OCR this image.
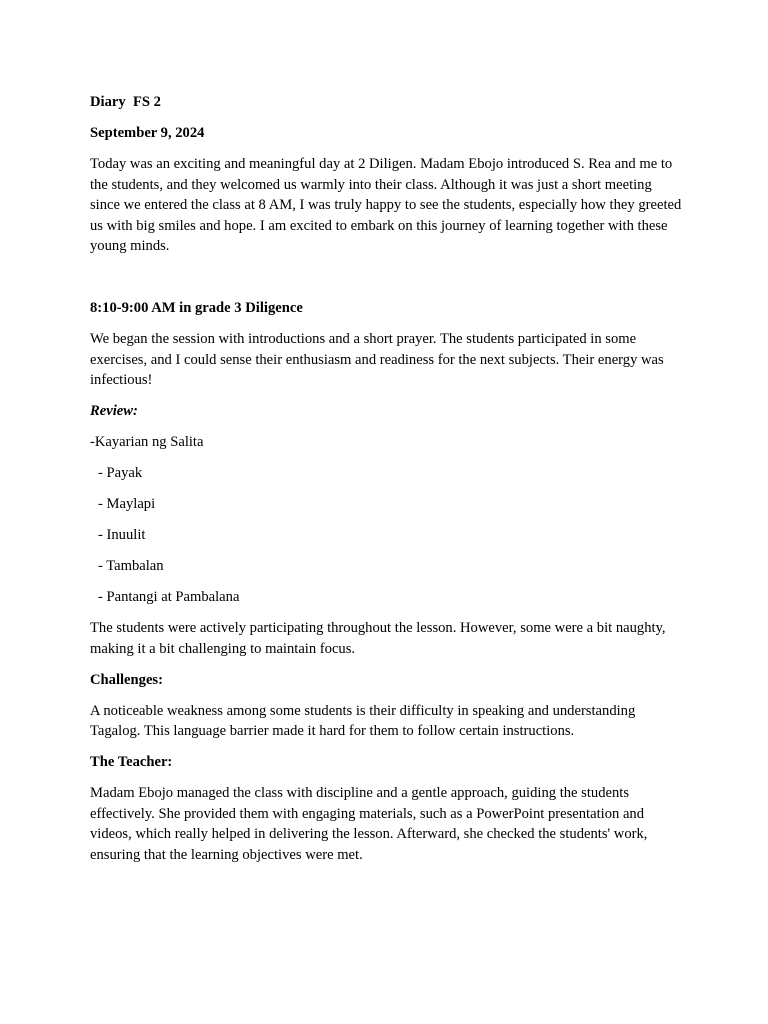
Diary  FS 2

September 9, 2024

Today was an exciting and meaningful day at 2 Diligen. Madam Ebojo introduced S. Rea and me to the students, and they welcomed us warmly into their class. Although it was just a short meeting since we entered the class at 8 AM, I was truly happy to see the students, especially how they greeted us with big smiles and hope. I am excited to embark on this journey of learning together with these young minds.

8:10-9:00 AM in grade 3 Diligence

We began the session with introductions and a short prayer. The students participated in some exercises, and I could sense their enthusiasm and readiness for the next subjects. Their energy was infectious!

Review:

-Kayarian ng Salita

- Payak

- Maylapi

- Inuulit

- Tambalan

- Pantangi at Pambalana

The students were actively participating throughout the lesson. However, some were a bit naughty, making it a bit challenging to maintain focus.

Challenges:

A noticeable weakness among some students is their difficulty in speaking and understanding Tagalog. This language barrier made it hard for them to follow certain instructions.

The Teacher:

Madam Ebojo managed the class with discipline and a gentle approach, guiding the students effectively. She provided them with engaging materials, such as a PowerPoint presentation and videos, which really helped in delivering the lesson. Afterward, she checked the students' work, ensuring that the learning objectives were met.
